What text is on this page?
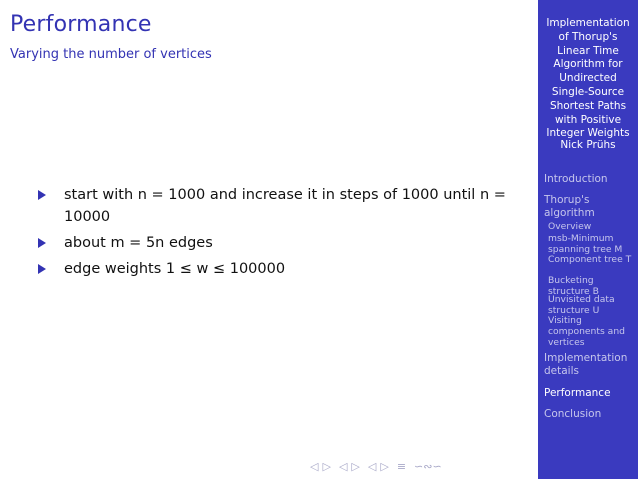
Performance
Varying the number of vertices
start with n = 1000 and increase it in steps of 1000 until n = 10000
about m = 5n edges
edge weights 1 ≤ w ≤ 100000
◁ ▷ ◁ ▷ ◁ ▷ ≡ ∽∾∽
Implementation of Thorup's Linear Time Algorithm for Undirected Single-Source Shortest Paths with Positive Integer Weights
Nick Prühs
Introduction
Thorup's algorithm
Overview
msb-Minimum spanning tree M
Component tree T
Bucketing structure B
Unvisited data structure U
Visiting components and vertices
Implementation details
Performance
Conclusion
